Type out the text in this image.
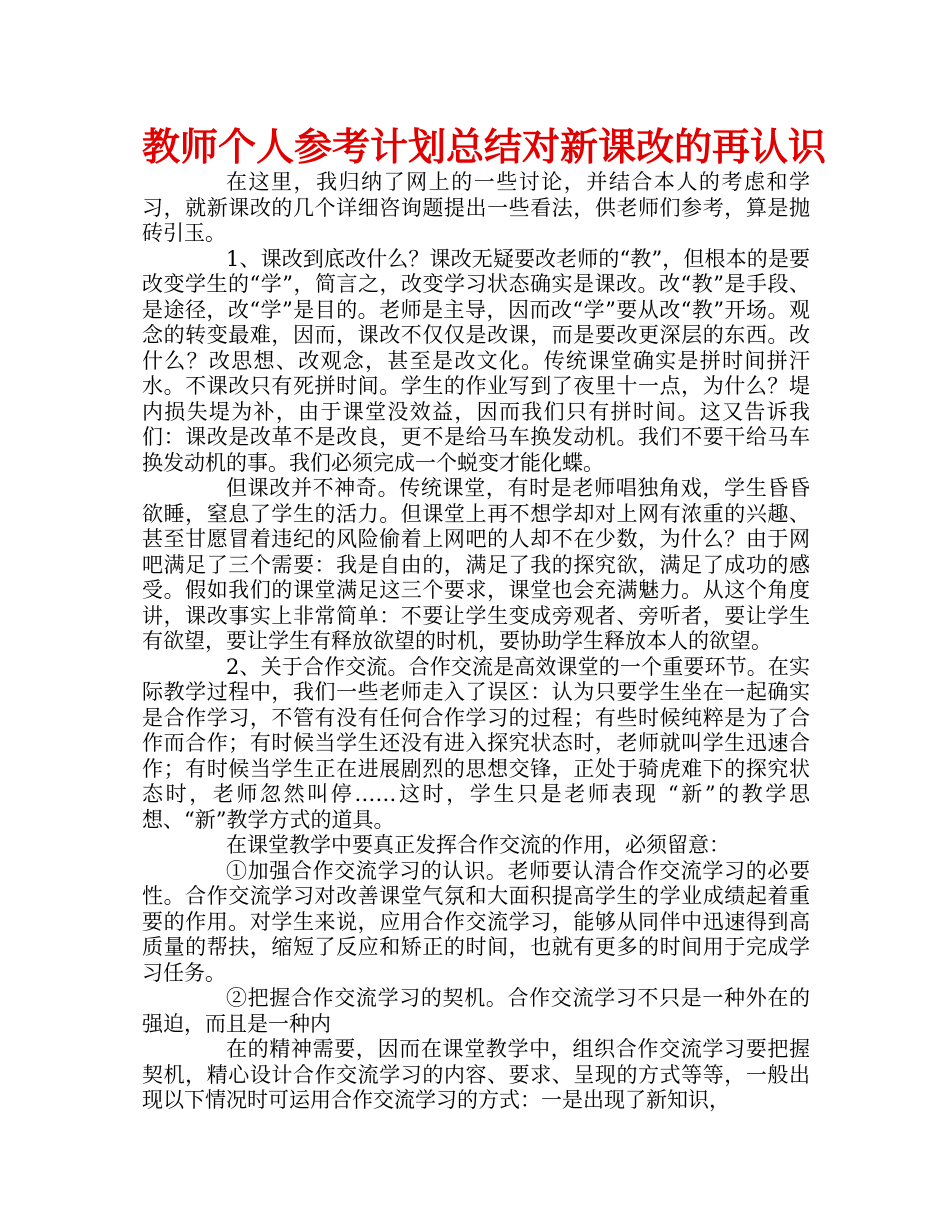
教师个人参考计划总结对新课改的再认识

在这里，我归纳了网上的一些讨论，并结合本人的考虑和学习，就新课改的几个详细咨询题提出一些看法，供老师们参考，算是抛砖引玉。

1、课改到底改什么？课改无疑要改老师的“教”，但根本的是要改变学生的“学”，简言之，改变学习状态确实是课改。改“教”是手段、是途径，改“学”是目的。老师是主导，因而改“学”要从改“教”开场。观念的转变最难，因而，课改不仅仅是改课，而是要改更深层的东西。改什么？改思想、改观念，甚至是改文化。传统课堂确实是拼时间拼汗水。不课改只有死拼时间。学生的作业写到了夜里十一点，为什么？堤内损失堤为补，由于课堂没效益，因而我们只有拼时间。这又告诉我们：课改是改革不是改良，更不是给马车换发动机。我们不要干给马车换发动机的事。我们必须完成一个蜕变才能化蝶。

但课改并不神奇。传统课堂，有时是老师唱独角戏，学生昏昏欲睡，窒息了学生的活力。但课堂上再不想学却对上网有浓重的兴趣、甚至甘愿冒着违纪的风险偷着上网吧的人却不在少数，为什么？由于网吧满足了三个需要：我是自由的，满足了我的探究欲，满足了成功的感受。假如我们的课堂满足这三个要求，课堂也会充满魅力。从这个角度讲，课改事实上非常简单：不要让学生变成旁观者、旁听者，要让学生有欲望，要让学生有释放欲望的时机，要协助学生释放本人的欲望。

2、关于合作交流。合作交流是高效课堂的一个重要环节。在实际教学过程中，我们一些老师走入了误区：认为只要学生坐在一起确实是合作学习，不管有没有任何合作学习的过程；有些时候纯粹是为了合作而合作；有时候当学生还没有进入探究状态时，老师就叫学生迅速合作；有时候当学生正在进展剧烈的思想交锋，正处于骑虎难下的探究状态时，老师忽然叫停……这时，学生只是老师表现 “新”的教学思想、“新”教学方式的道具。

在课堂教学中要真正发挥合作交流的作用，必须留意：

①加强合作交流学习的认识。老师要认清合作交流学习的必要性。合作交流学习对改善课堂气氛和大面积提高学生的学业成绩起着重要的作用。对学生来说，应用合作交流学习，能够从同伴中迅速得到高质量的帮扶，缩短了反应和矫正的时间，也就有更多的时间用于完成学习任务。

②把握合作交流学习的契机。合作交流学习不只是一种外在的强迫，而且是一种内

在的精神需要，因而在课堂教学中，组织合作交流学习要把握契机，精心设计合作交流学习的内容、要求、呈现的方式等等，一般出现以下情况时可运用合作交流学习的方式：一是出现了新知识，
